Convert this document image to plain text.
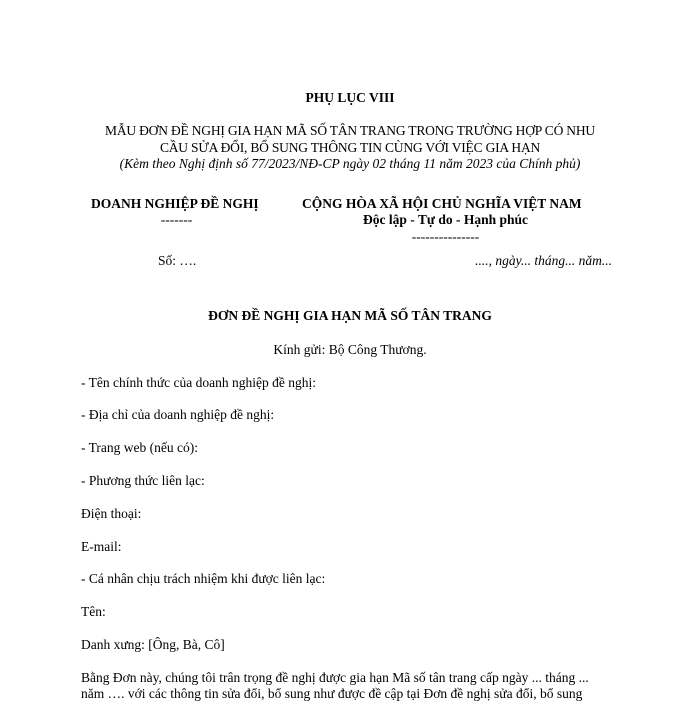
PHỤ LỤC VIII
MẪU ĐƠN ĐỀ NGHỊ GIA HẠN MÃ SỐ TÂN TRANG TRONG TRƯỜNG HỢP CÓ NHU
CẦU SỬA ĐỔI, BỔ SUNG THÔNG TIN CÙNG VỚI VIỆC GIA HẠN
(Kèm theo Nghị định số 77/2023/NĐ-CP ngày 02 tháng 11 năm 2023 của Chính phủ)
DOANH NGHIỆP ĐỀ NGHỊ
-------
CỘNG HÒA XÃ HỘI CHỦ NGHĨA VIỆT NAM
Độc lập - Tự do - Hạnh phúc
---------------
Số: ….	...., ngày... tháng... năm...
ĐƠN ĐỀ NGHỊ GIA HẠN MÃ SỐ TÂN TRANG
Kính gửi: Bộ Công Thương.
- Tên chính thức của doanh nghiệp đề nghị:
- Địa chỉ của doanh nghiệp đề nghị:
- Trang web (nếu có):
- Phương thức liên lạc:
Điện thoại:
E-mail:
- Cá nhân chịu trách nhiệm khi được liên lạc:
Tên:
Danh xưng: [Ông, Bà, Cô]
Bằng Đơn này, chúng tôi trân trọng đề nghị được gia hạn Mã số tân trang cấp ngày ... tháng ...
năm …. với các thông tin sửa đổi, bổ sung như được đề cập tại Đơn đề nghị sửa đổi, bổ sung
